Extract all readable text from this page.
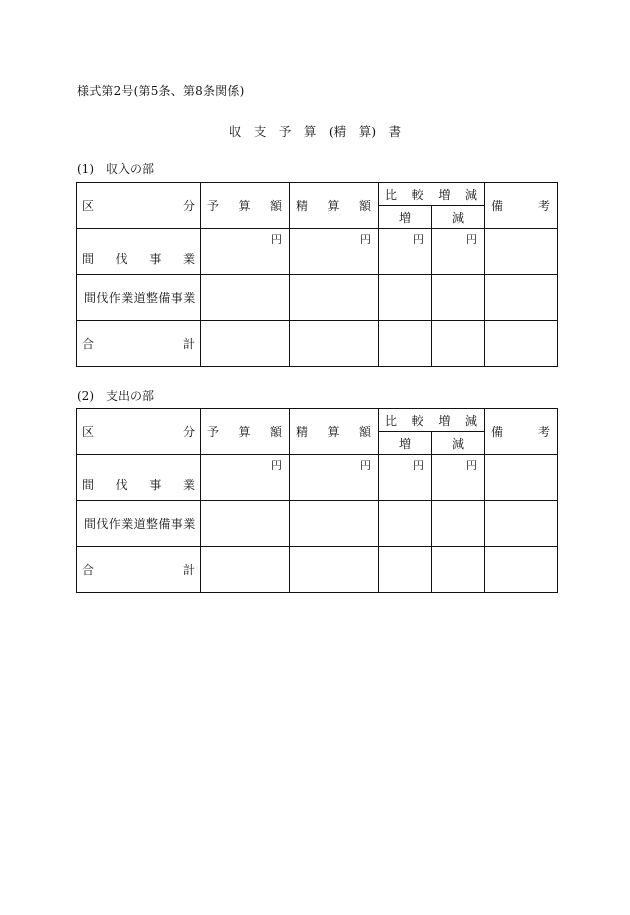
様式第2号(第5条、第8条関係)
収　支　予　算　(精　算)　書
(1)　収入の部
区 分	予 算 額	精 算 額	比 較 増 減		備 考

			増	減	

間 伐 事 業	円	円	円	円	

間伐作業道整備事業					

合 計					

(2)　支出の部
区 分	予 算 額	精 算 額	比 較 増 減		備 考

			増	減	

間 伐 事 業	円	円	円	円	

間伐作業道整備事業					

合 計					
